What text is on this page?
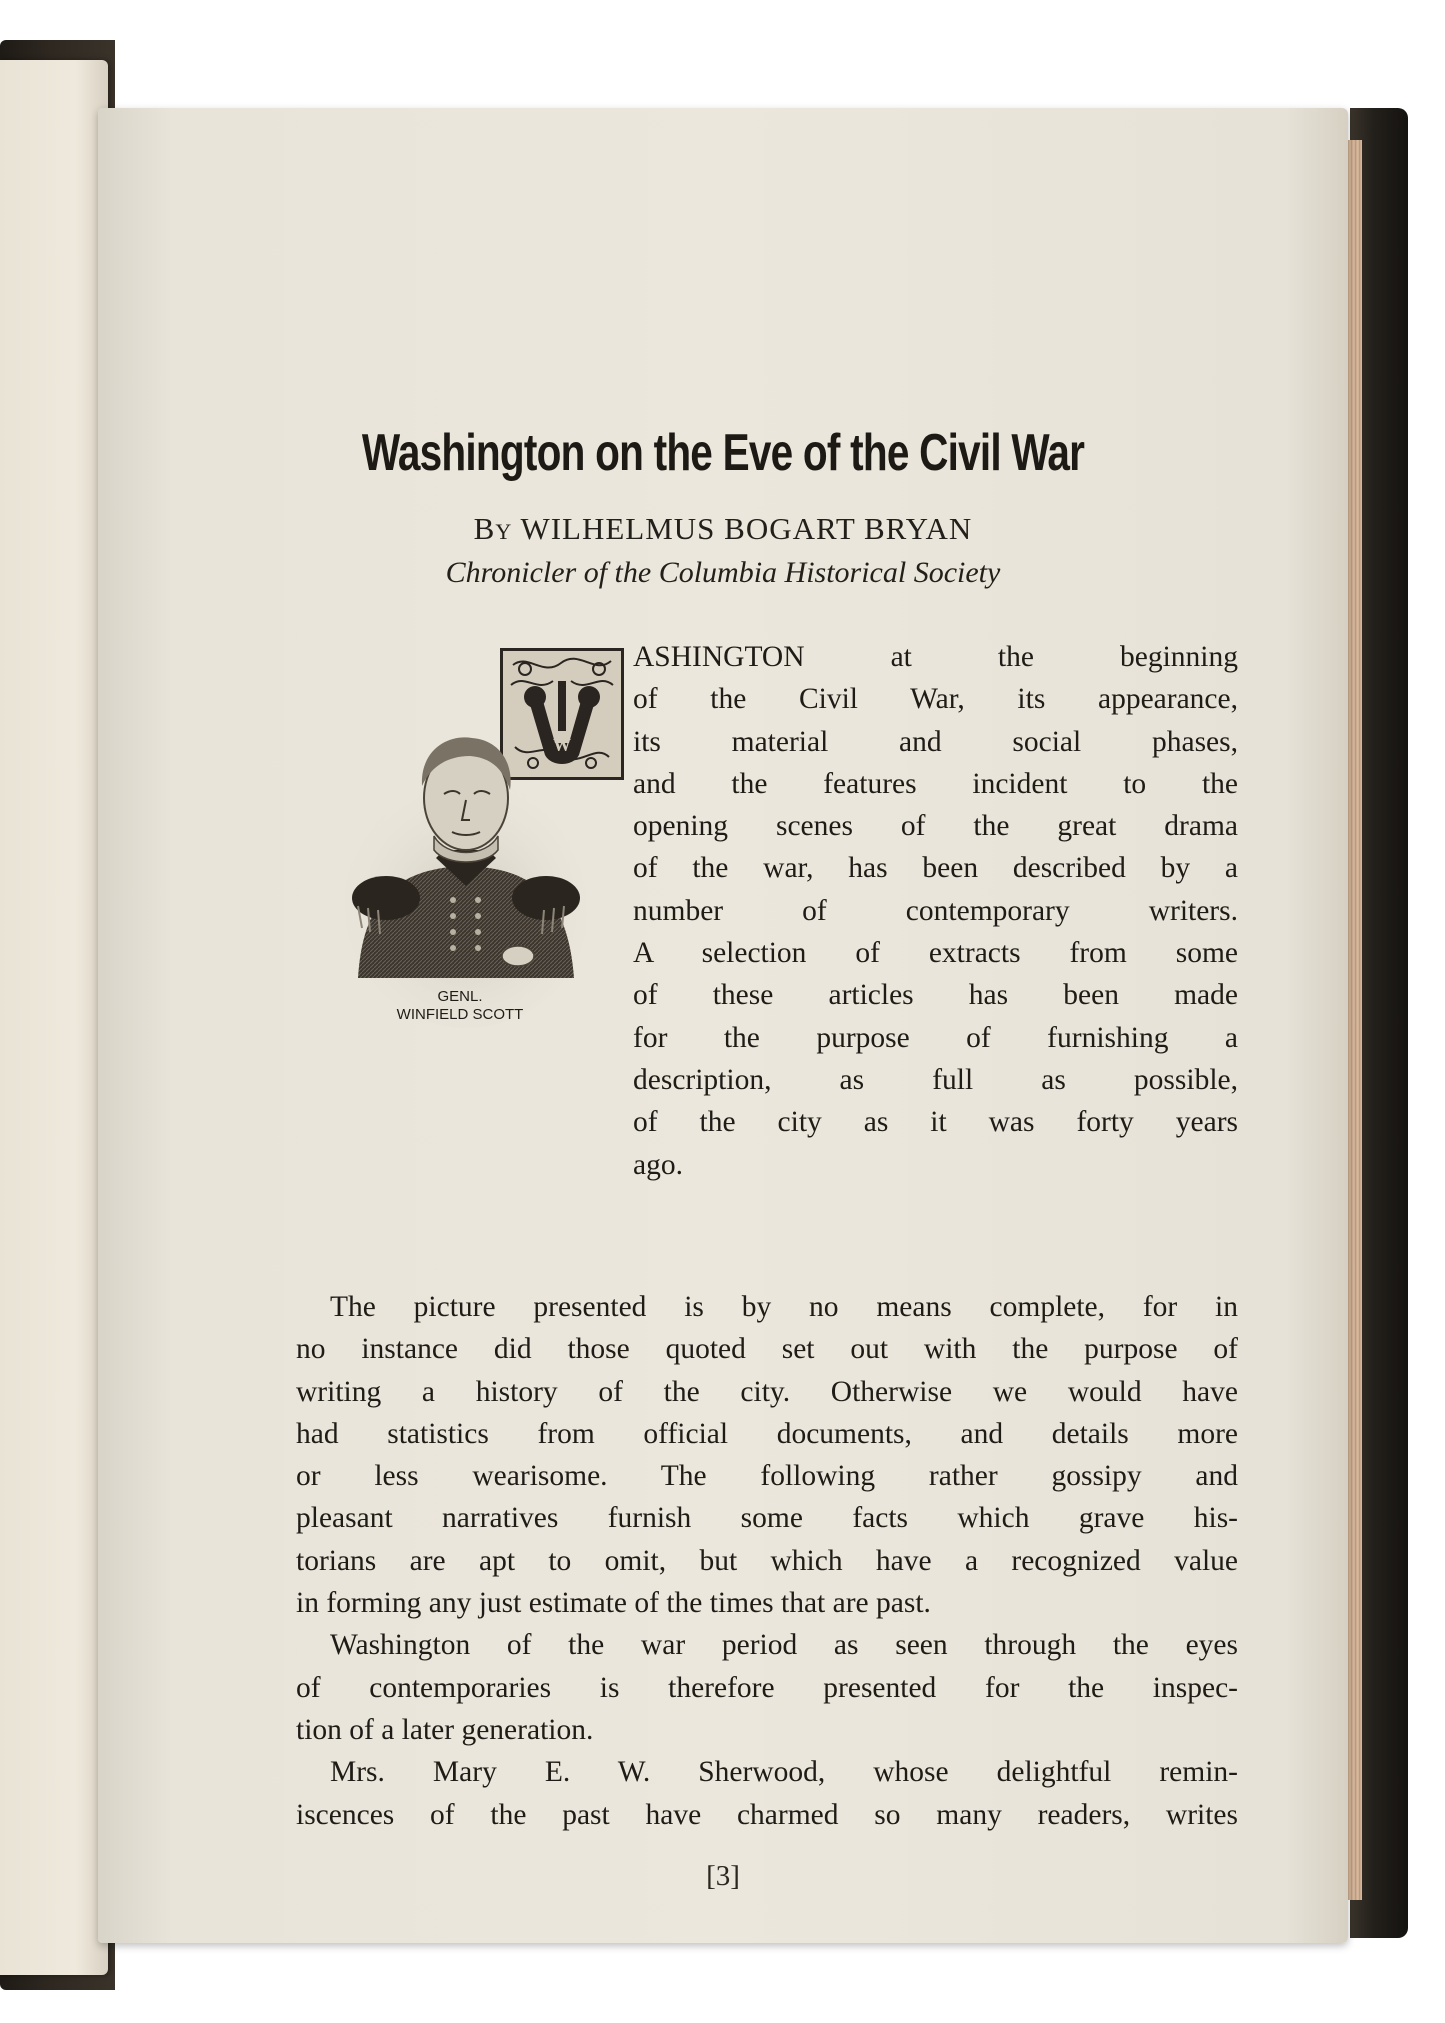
Washington on the Eve of the Civil War
By WILHELMUS BOGART BRYAN
Chronicler of the Columbia Historical Society
W
GENL.
WINFIELD SCOTT
ASHINGTON at the beginning
of the Civil War, its appearance,
its material and social phases,
and the features incident to the
opening scenes of the great drama
of the war, has been described by a
number of contemporary writers.
A selection of extracts from some
of these articles has been made
for the purpose of furnishing a
description, as full as possible,
of the city as it was forty years
ago.
The picture presented is by no means complete, for in
no instance did those quoted set out with the purpose of
writing a history of the city. Otherwise we would have
had statistics from official documents, and details more
or less wearisome. The following rather gossipy and
pleasant narratives furnish some facts which grave his-
torians are apt to omit, but which have a recognized value
in forming any just estimate of the times that are past.
Washington of the war period as seen through the eyes
of contemporaries is therefore presented for the inspec-
tion of a later generation.
Mrs. Mary E. W. Sherwood, whose delightful remin-
iscences of the past have charmed so many readers, writes
[3]
